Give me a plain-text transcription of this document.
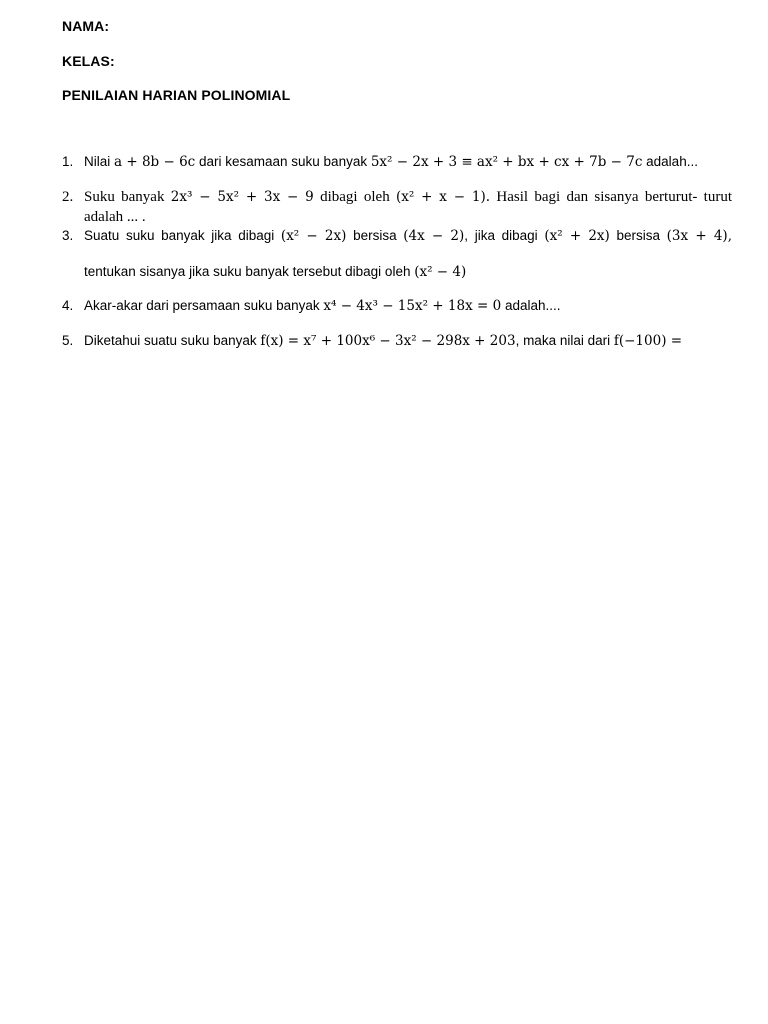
NAMA:
KELAS:
PENILAIAN HARIAN POLINOMIAL
1. Nilai a + 8b − 6c dari kesamaan suku banyak 5x² − 2x + 3 ≡ ax² + bx + cx + 7b − 7c adalah...
2. Suku banyak 2x³ − 5x² + 3x − 9 dibagi oleh (x² + x − 1). Hasil bagi dan sisanya berturut- turut
adalah ... .
3. Suatu suku banyak jika dibagi (x² − 2x) bersisa (4x − 2), jika dibagi (x² + 2x) bersisa (3x + 4),
tentukan sisanya jika suku banyak tersebut dibagi oleh (x² − 4)
4. Akar-akar dari persamaan suku banyak x⁴ − 4x³ − 15x² + 18x = 0 adalah....
5. Diketahui suatu suku banyak f(x) = x⁷ + 100x⁶ − 3x² − 298x + 203, maka nilai dari f(−100) =
